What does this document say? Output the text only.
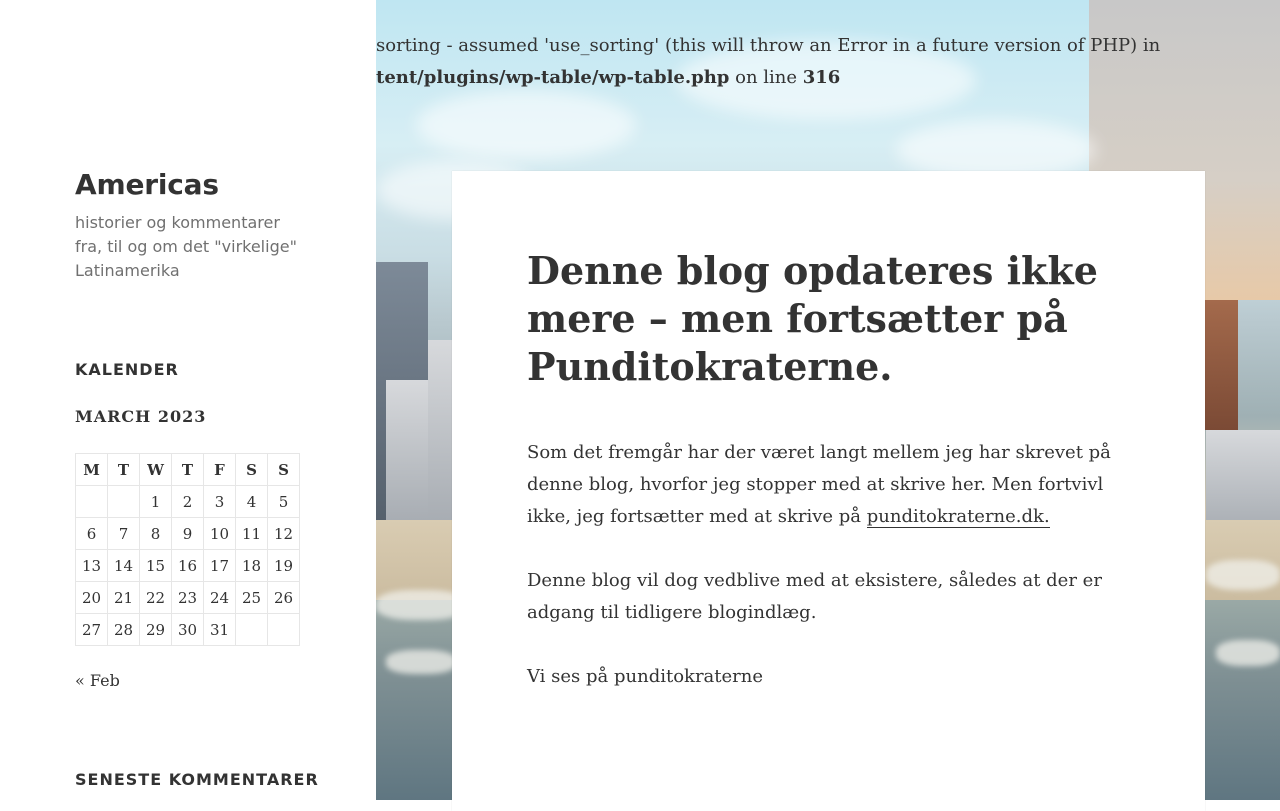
sorting - assumed 'use_sorting' (this will throw an Error in a future version of PHP) in
tent/plugins/wp-table/wp-table.php on line 316
Americas

historier og kommentarer fra, til og om det "virkelige" Latinamerika

KALENDER
MARCH 2023
M	T	W	T	F	S	S
		1	2	3	4	5
6	7	8	9	10	11	12
13	14	15	16	17	18	19
20	21	22	23	24	25	26
27	28	29	30	31		
« Feb
SENESTE KOMMENTARER
Denne blog opdateres ikke mere – men fortsætter på Punditokraterne.

Som det fremgår har der været langt mellem jeg har skrevet på denne blog, hvorfor jeg stopper med at skrive her. Men fortvivl ikke, jeg fortsætter med at skrive på punditokraterne.dk.

Denne blog vil dog vedblive med at eksistere, således at der er adgang til tidligere blogindlæg.

Vi ses på punditokraterne
